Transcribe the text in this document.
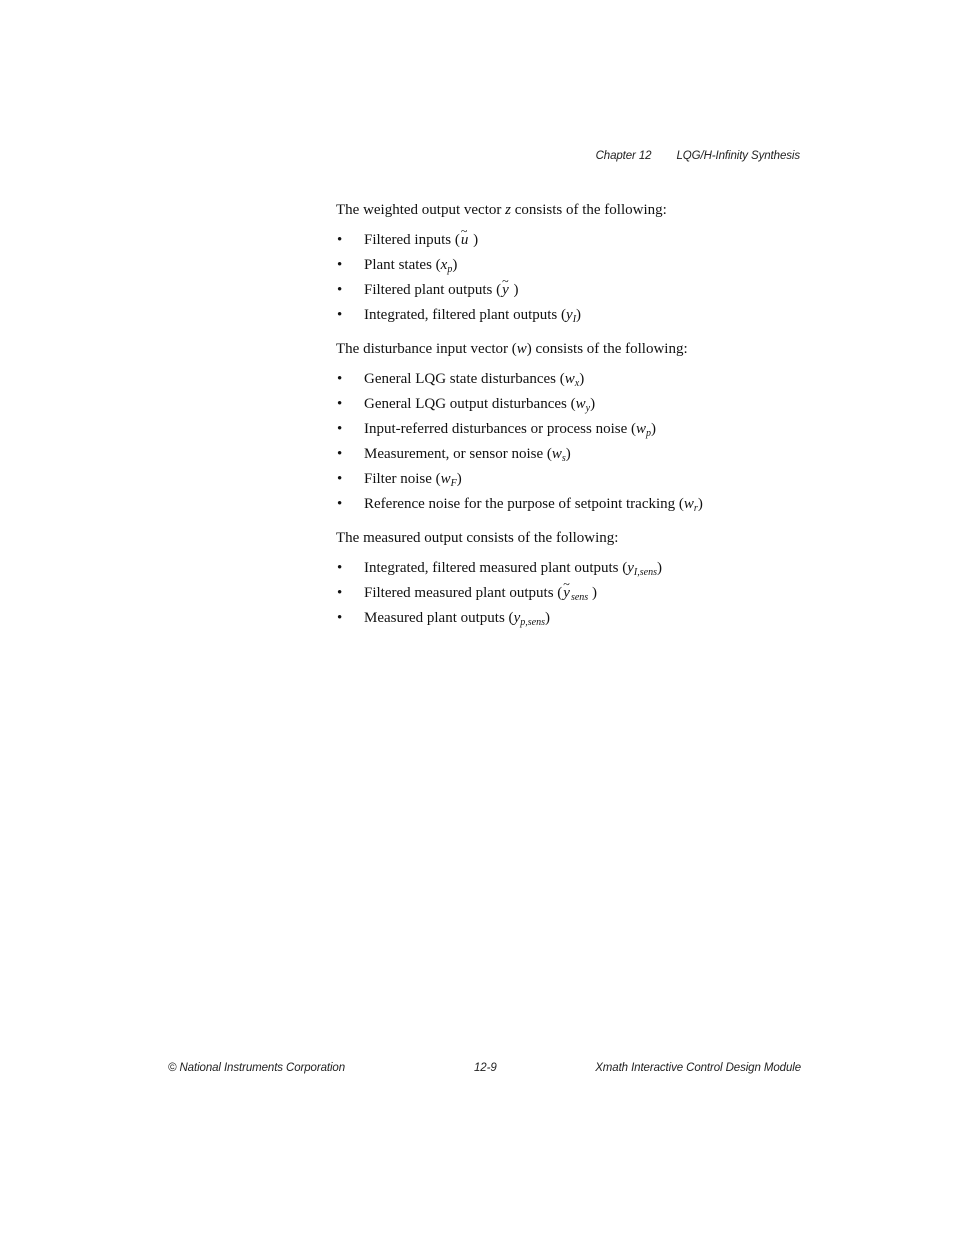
Chapter 12 LQG/H-Infinity Synthesis

The weighted output vector z consists of the following:

• Filtered inputs (u ~ )
• Plant states $(x_p)$
• Filtered plant outputs (y ~ )
• Integrated, filtered plant outputs $(y_I)$

The disturbance input vector (w) consists of the following:

• General LQG state disturbances $(w_x)$
• General LQG output disturbances $(w_y)$
• Input-referred disturbances or process noise $(w_p)$
• Measurement, or sensor noise $(w_s)$
• Filter noise $(w_F)$
• Reference noise for the purpose of setpoint tracking $(w_r)$

The measured output consists of the following:

• Integrated, filtered measured plant outputs $(y_{I,sens})$
• Filtered measured plant outputs (y $\sim_{sens}$ )
• Measured plant outputs $(y_{p,sens})$
© National Instruments Corporation	12-9	Xmath Interactive Control Design Module
